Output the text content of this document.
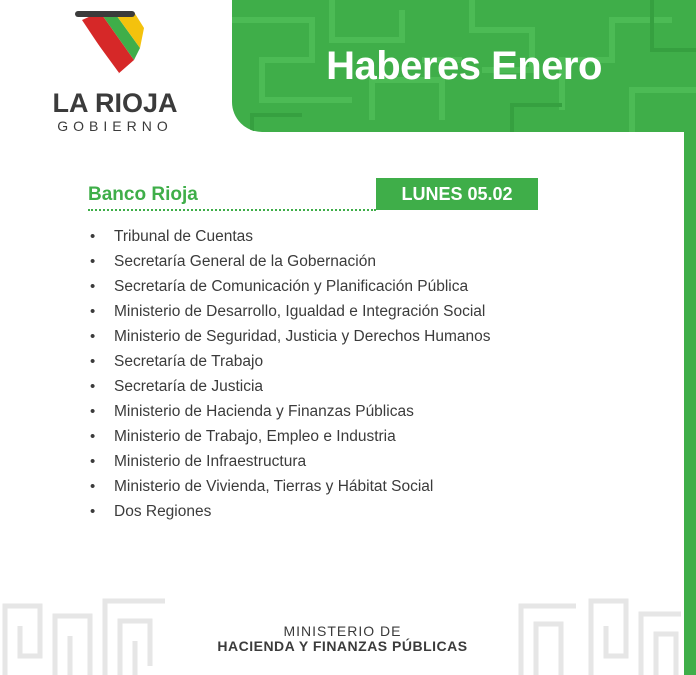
LA RIOJA
GOBIERNO
Haberes Enero
Banco Rioja	LUNES 05.02
• Tribunal de Cuentas
• Secretaría General de la Gobernación
• Secretaría de Comunicación y Planificación Pública
• Ministerio de Desarrollo, Igualdad e Integración Social
• Ministerio de Seguridad, Justicia y Derechos Humanos
• Secretaría de Trabajo
• Secretaría de Justicia
• Ministerio de Hacienda y Finanzas Públicas
• Ministerio de Trabajo, Empleo e Industria
• Ministerio de Infraestructura
• Ministerio de Vivienda, Tierras y Hábitat Social
• Dos Regiones
MINISTERIO DE
HACIENDA Y FINANZAS PÚBLICAS
